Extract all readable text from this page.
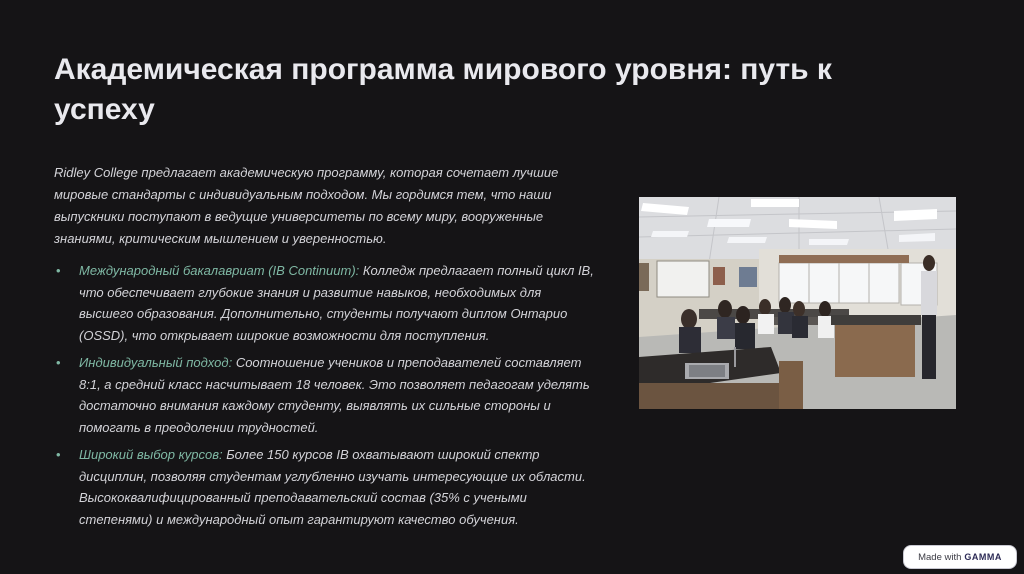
Академическая программа мирового уровня: путь к успеху

Ridley College предлагает академическую программу, которая сочетает лучшие мировые стандарты с индивидуальным подходом. Мы гордимся тем, что наши выпускники поступают в ведущие университеты по всему миру, вооруженные знаниями, критическим мышлением и уверенностью.

• Международный бакалавриат (IB Continuum): Колледж предлагает полный цикл IB, что обеспечивает глубокие знания и развитие навыков, необходимых для высшего образования. Дополнительно, студенты получают диплом Онтарио (OSSD), что открывает широкие возможности для поступления.
• Индивидуальный подход: Соотношение учеников и преподавателей составляет 8:1, а средний класс насчитывает 18 человек. Это позволяет педагогам уделять достаточно внимания каждому студенту, выявлять их сильные стороны и помогать в преодолении трудностей.
• Широкий выбор курсов: Более 150 курсов IB охватывают широкий спектр дисциплин, позволяя студентам углубленно изучать интересующие их области. Высококвалифицированный преподавательский состав (35% с учеными степенями) и международный опыт гарантируют качество обучения.
Made with GAMMA
